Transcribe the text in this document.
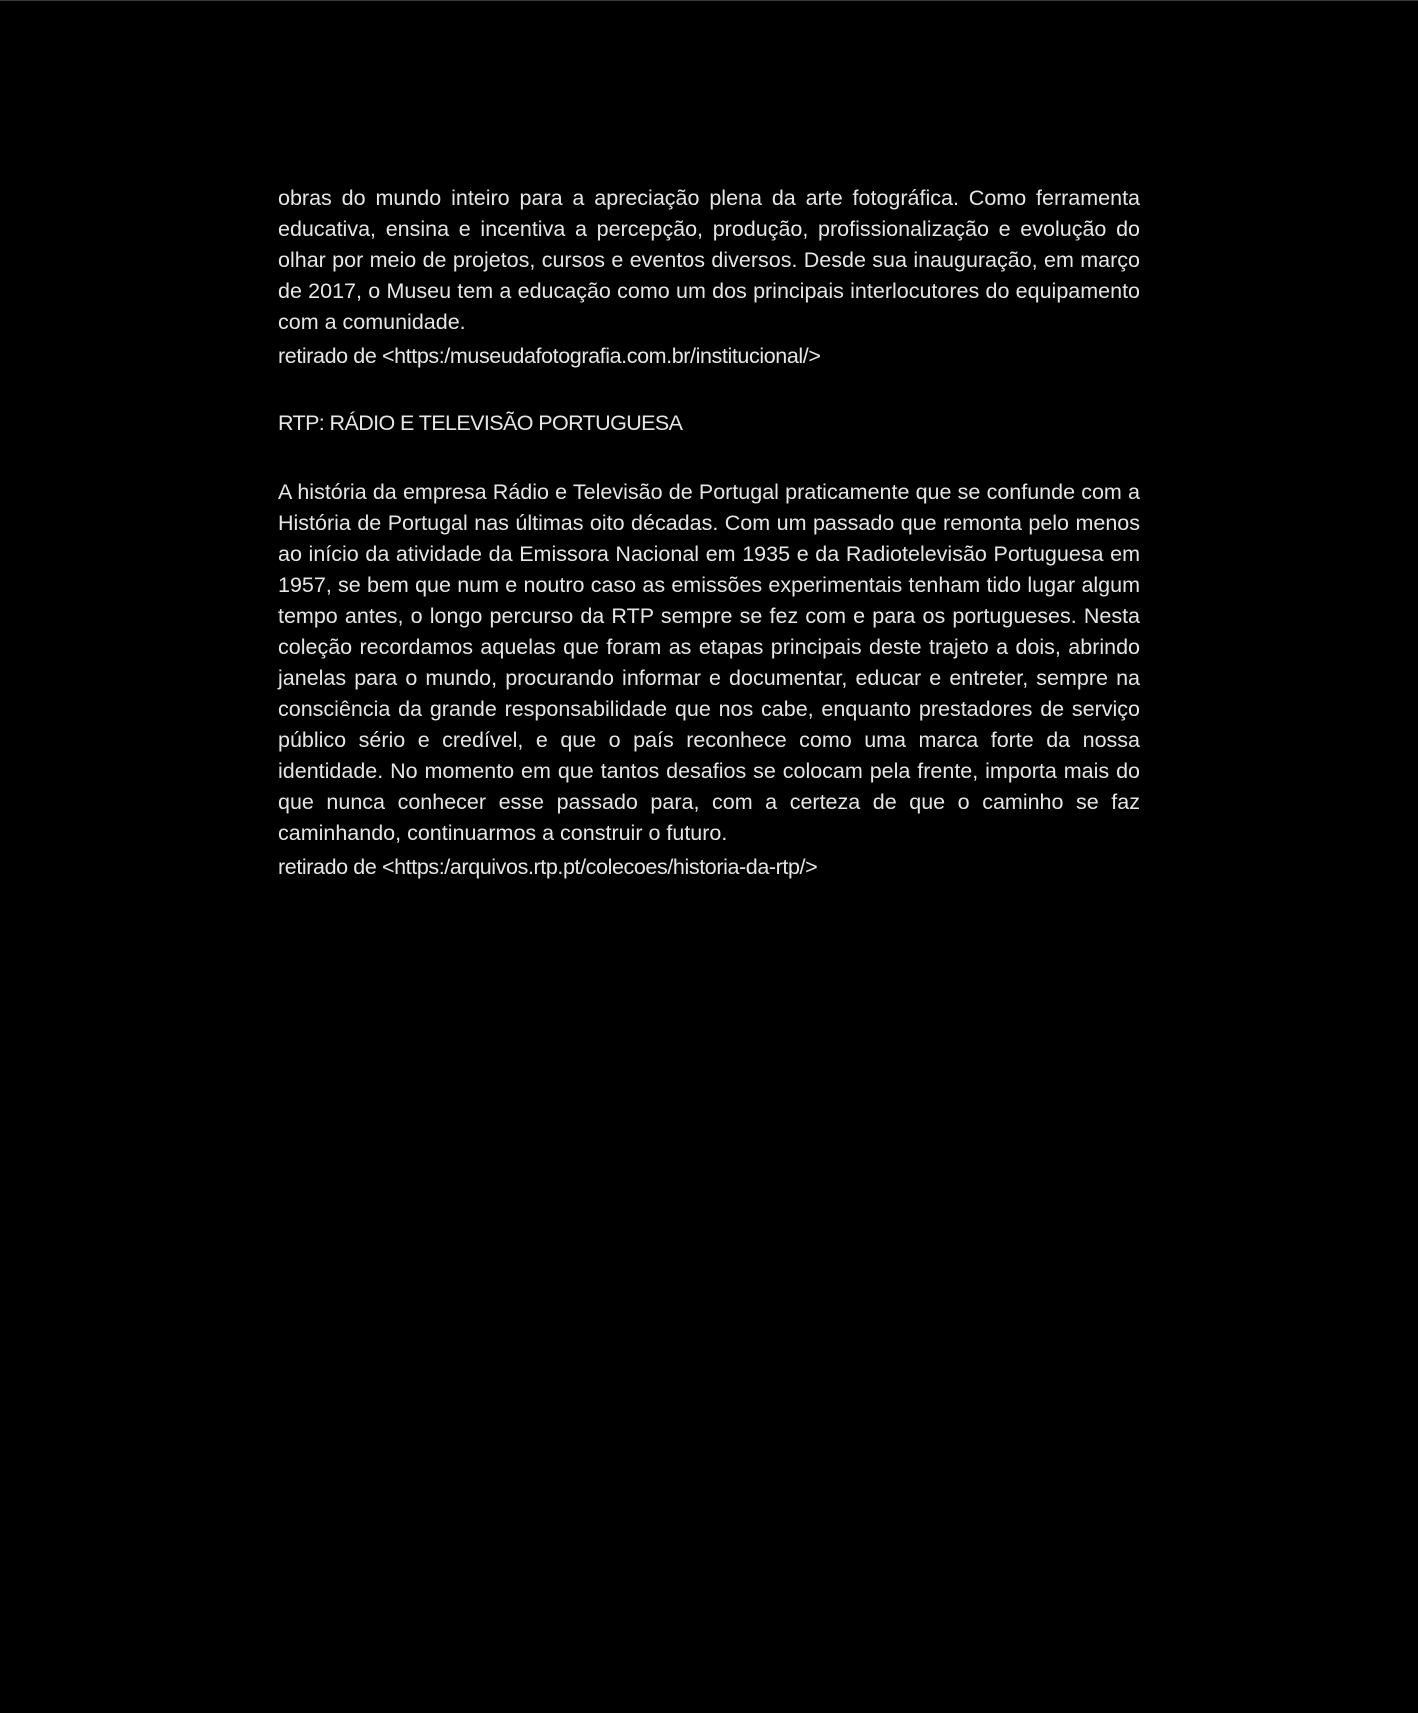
obras do mundo inteiro para a apreciação plena da arte fotográfica. Como ferramenta educativa, ensina e incentiva a percepção, produção, profissionalização e evolução do olhar por meio de projetos, cursos e eventos diversos. Desde sua inauguração, em março de 2017, o Museu tem a educação como um dos principais interlocutores do equipamento com a comunidade.

retirado de <https:/museudafotografia.com.br/institucional/>

RTP: RÁDIO E TELEVISÃO PORTUGUESA

A história da empresa Rádio e Televisão de Portugal praticamente que se confunde com a História de Portugal nas últimas oito décadas. Com um passado que remonta pelo menos ao início da atividade da Emissora Nacional em 1935 e da Radiotelevisão Portuguesa em 1957, se bem que num e noutro caso as emissões experimentais tenham tido lugar algum tempo antes, o longo percurso da RTP sempre se fez com e para os portugueses. Nesta coleção recordamos aquelas que foram as etapas principais deste trajeto a dois, abrindo janelas para o mundo, procurando informar e documentar, educar e entreter, sempre na consciência da grande responsabilidade que nos cabe, enquanto prestadores de serviço público sério e credível, e que o país reconhece como uma marca forte da nossa identidade. No momento em que tantos desafios se colocam pela frente, importa mais do que nunca conhecer esse passado para, com a certeza de que o caminho se faz caminhando, continuarmos a construir o futuro.

retirado de <https:/arquivos.rtp.pt/colecoes/historia-da-rtp/>
